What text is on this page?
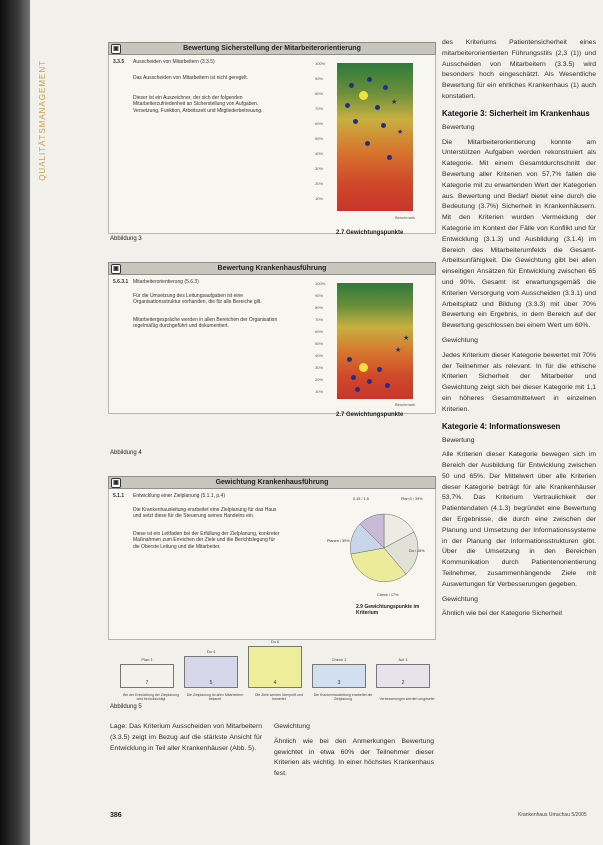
QUALITÄTSMANAGEMENT
▣	Bewertung Sicherstellung der Mitarbeiterorientierung
3.3.5 Ausscheiden von Mitarbeitern (3.3.5)
Das Ausscheiden von Mitarbeitern ist nicht geregelt.
Dieser ist ein Auszeichner, der sich der folgenden Mitarbeiterzufriedenheit an Sicherstellung von Aufgaben. Versetzung, Funktion, Arbeitszeit und Mitgliederbetreuung.
100%
90%
80%
70%
60%
50%
40%
30%
20%
10%
★
★
Benchmark
2.7 Gewichtungspunkte
Abbildung 3
▣	Bewertung Krankenhausführung
5.6.3.1 Mitarbeiterorientierung (5.6.3)
Für die Umsetzung des Leitungsaufgaben ist eine Organisationsstruktur vorhanden, die für alle Bereiche gilt.
Mitarbeitergespräche werden in allen Bereichen der Organisation regelmäßig durchgeführt und dokumentiert.
100%
90%
80%
70%
60%
50%
40%
30%
20%
10%
★
★
Benchmark
2.7 Gewichtungspunkte
Abbildung 4
▣	Gewichtung Krankenhausführung
5.1.1 Entwicklung einer Zielplanung (5.1.1, p.4)
Die Krankenhausleitung erarbeitet eine Zielplanung für das Haus und setzt diese für die Steuerung seines Handelns ein.
Diese ist ein Leitfaden bei der Erfüllung der Zielplanung, konkreter Maßnahmen zum Erreichen der Ziele und die Berichtslegung für die Oberste Leitung und die Mitarbeiter.
0,15 / 1,5	Plan 5 / 39%
Planen / 39%
Do / 18%
Check / 17%
2.9 Gewichtungspunkte im Kriterium
Plan 1
Bei der Entwicklung der Zielplanung wird berücksichtigt
7
Do 4
Die Zielplanung ist allen Mitarbeitern bekannt
5
Do 6
Die Ziele werden überprüft und bewertet
4
Check 1
Die Krankenhausleitung erarbeitet die Zielplanung
3
Act 1
Verbesserungen werden umgesetzt
2
Abbildung 5

Lage: Das Kriterium Ausscheiden von Mitarbeitern (3.3.5) zeigt im Bezug auf die stärkste Ansicht für Entwicklung in Teil aller Krankenhäuser (Abb. 5).

Gewichtung

Ähnlich wie bei den Anmerkungen Bewertung gewichtet in etwa 60% der Teilnehmer dieser Kriterien als wichtig. In einer höchstes Krankenhaus fest.

des Kriteriums Patientensicherheit eines mitarbeiterorientierten Führungsstils (2,3 (1)) und Ausscheiden von Mitarbeitern (3.3.5) wird besonders hoch eingeschätzt. Als Wesentliche Bewertung für ein ehrliches Krankenhaus (1) auch konstatiert.

Kategorie 3: Sicherheit im Krankenhaus

Bewertung

Die Mitarbeiterorientierung konnte am Unterstützen Aufgaben werden rekonstruiert als Kategorie. Mit einem Gesamtdurchschnitt der Bewertung aller Kriterien von 57,7% fallen die Kategorie mit zu erwartenden Wert der Kategorien aus. Bewertung und Bedarf bietet eine durch die Bedeutung (3.7%) Sicherheit in Krankenhäusern. Mit den Kriterien wurden Vermeidung der Kategorie im Kontext der Fälle von Konflikt und für Entwicklung (3.1.3) und Ausbildung (3.1.4) im Bereich des Mitarbeiterumfelds die Gesamt-Arbeitsunfähigkeit. Die Gewichtung gibt bei allen einseitigen Ansätzen für Entwicklung zwischen 65 und 90%. Gesamt ist erwartungsgemäß die Kriterien Versorgung vom Ausscheiden (3.3.1) und Arbeitsplatz und Bildung (3.3.3) mit über 70% Bewertung ein Ergebnis, in dem Bereich auf der Bewertung geschlossen bei einem Wert um 60%.

Gewichtung

Jedes Kriterium dieser Kategorie bewertet mit 70% der Teilnehmer als relevant. In für die ethische Kriterien Sicherheit der Mitarbeiter und Gewichtung zeigt sich bei dieser Kategorie mit 1,1 ein höheres Gesamtmittelwert in einzelnen Kriterien.

Kategorie 4: Informationswesen

Bewertung

Alle Kriterien dieser Kategorie bewegen sich im Bereich der Ausbildung für Entwicklung zwischen 50 und 65%. Der Mittelwert über alle Kriterien dieser Kategorie beträgt für alle Krankenhäuser 53,7%. Das Kriterium Vertraulichkeit der Patientendaten (4.1.3) begründet eine Bewertung der Ergebnisse, die durch eine zwischen der Planung und Umsetzung der Informationssysteme in der Planung der Informationsstrukturen gibt. Über die Umsetzung in den Bereichen Kommunikation durch Patientenorientierung Teilnehmer, zusammenhängende Ziele mit Auswertungen für Verbesserungen gegeben.

Gewichtung

Ähnlich wie bei der Kategorie Sicherheit

386	Krankenhaus Umschau 5/2005
